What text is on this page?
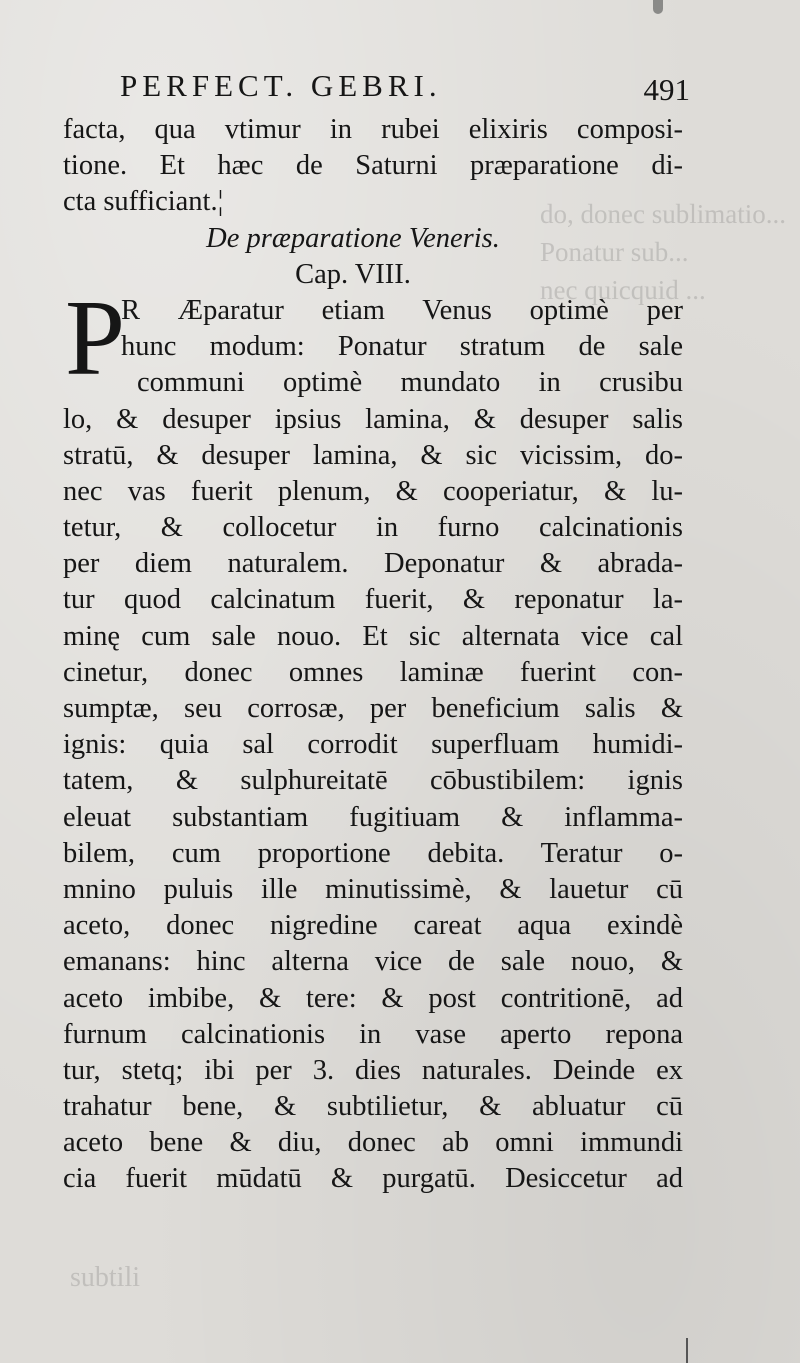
do, donec sublimatio...
Ponatur sub...
nec quicquid ...
subtili
PERFECT. GEBRI.	491
facta, qua vtimur in rubei elixiris composi-
tione. Et hæc de Saturni præparatione di-
cta sufficiant.¦
De præparatione Veneris.
Cap. VIII.
P
R Æparatur etiam Venus optimè per
hunc modum: Ponatur stratum de sale
communi optimè mundato in crusibu
lo, & desuper ipsius lamina, & desuper salis
stratū, & desuper lamina, & sic vicissim, do-
nec vas fuerit plenum, & cooperiatur, & lu-
tetur, & collocetur in furno calcinationis
per diem naturalem. Deponatur & abrada-
tur quod calcinatum fuerit, & reponatur la-
minę cum sale nouo. Et sic alternata vice cal
cinetur, donec omnes laminæ fuerint con-
sumptæ, seu corrosæ, per beneficium salis &
ignis: quia sal corrodit superfluam humidi-
tatem, & sulphureitatē cōbustibilem: ignis
eleuat substantiam fugitiuam & inflamma-
bilem, cum proportione debita. Teratur o-
mnino puluis ille minutissimè, & lauetur cū
aceto, donec nigredine careat aqua exindè
emanans: hinc alterna vice de sale nouo, &
aceto imbibe, & tere: & post contritionē, ad
furnum calcinationis in vase aperto repona
tur, stetq; ibi per 3. dies naturales. Deinde ex
trahatur bene, & subtilietur, & abluatur cū
aceto bene & diu, donec ab omni immundi
cia fuerit mūdatū & purgatū. Desiccetur ad
